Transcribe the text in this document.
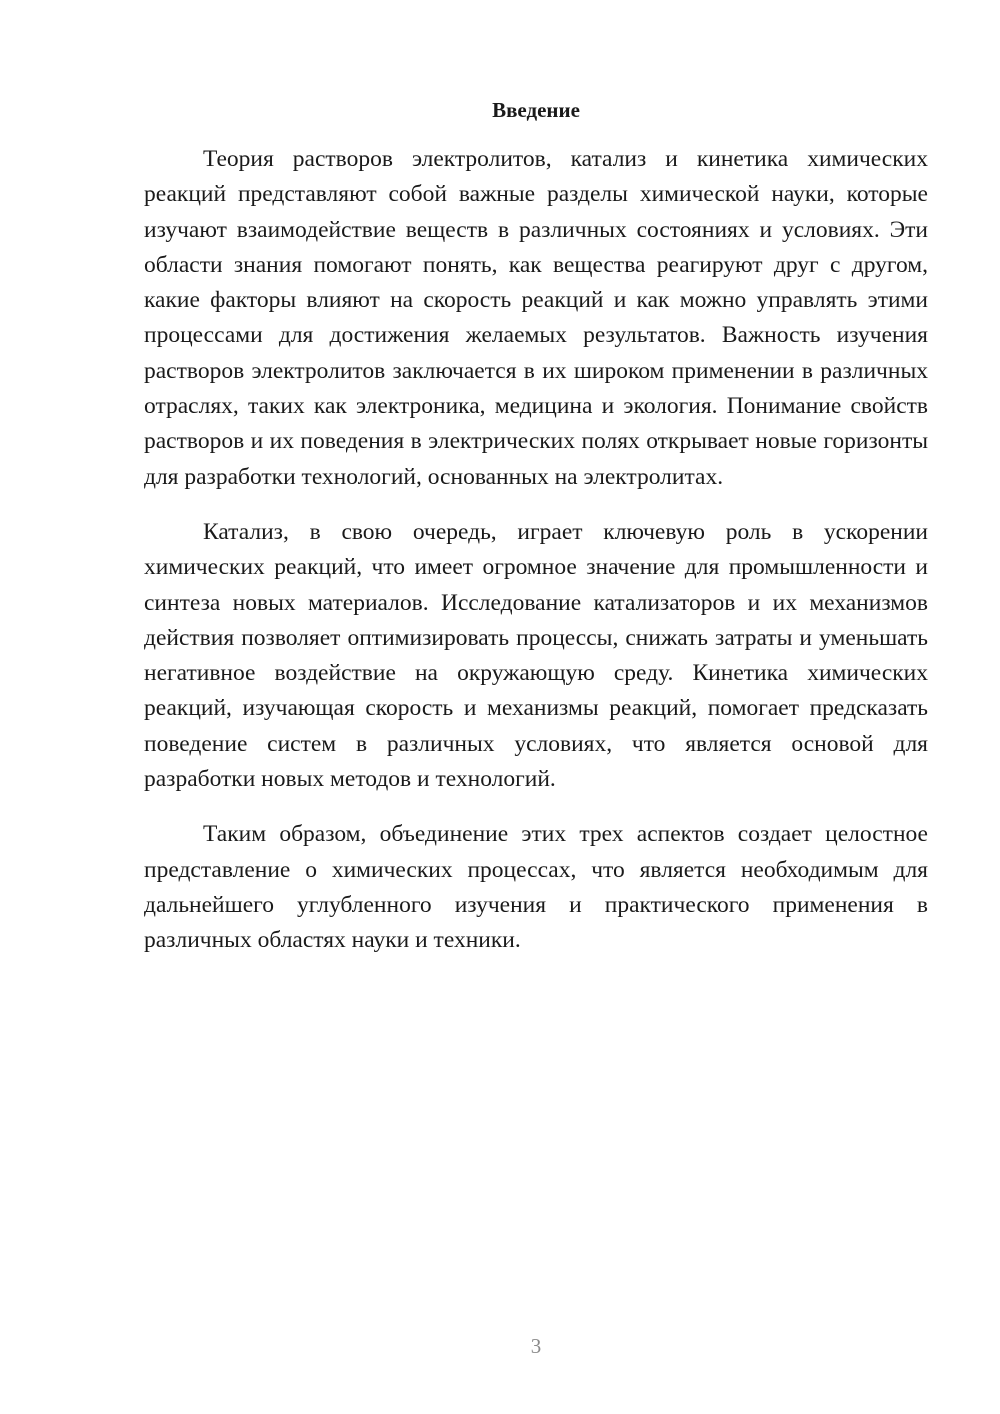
Введение

Теория растворов электролитов, катализ и кинетика химических реакций представляют собой важные разделы химической науки, которые изучают взаимодействие веществ в различных состояниях и условиях. Эти области знания помогают понять, как вещества реагируют друг с другом, какие факторы влияют на скорость реакций и как можно управлять этими процессами для достижения желаемых результатов. Важность изучения растворов электролитов заключается в их широком применении в различных отраслях, таких как электроника, медицина и экология. Понимание свойств растворов и их поведения в электрических полях открывает новые горизонты для разработки технологий, основанных на электролитах.

Катализ, в свою очередь, играет ключевую роль в ускорении химических реакций, что имеет огромное значение для промышленности и синтеза новых материалов. Исследование катализаторов и их механизмов действия позволяет оптимизировать процессы, снижать затраты и уменьшать негативное воздействие на окружающую среду. Кинетика химических реакций, изучающая скорость и механизмы реакций, помогает предсказать поведение систем в различных условиях, что является основой для разработки новых методов и технологий.

Таким образом, объединение этих трех аспектов создает целостное представление о химических процессах, что является необходимым для дальнейшего углубленного изучения и практического применения в различных областях науки и техники.

3
